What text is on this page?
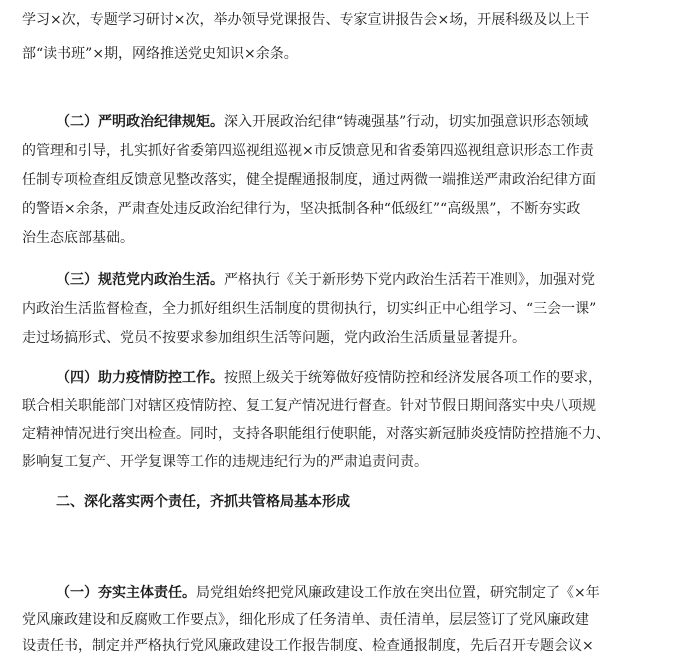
学习×次，专题学习研讨×次，举办领导党课报告、专家宣讲报告会×场，开展科级及以上干
部“读书班”×期，网络推送党史知识×余条。
（二）严明政治纪律规矩。深入开展政治纪律“铸魂强基”行动，切实加强意识形态领域
的管理和引导，扎实抓好省委第四巡视组巡视×市反馈意见和省委第四巡视组意识形态工作责
任制专项检查组反馈意见整改落实，健全提醒通报制度，通过两微一端推送严肃政治纪律方面
的警语×余条，严肃查处违反政治纪律行为，坚决抵制各种“低级红”“高级黑”，不断夯实政
治生态底部基础。
（三）规范党内政治生活。严格执行《关于新形势下党内政治生活若干准则》，加强对党
内政治生活监督检查，全力抓好组织生活制度的贯彻执行，切实纠正中心组学习、“三会一课”
走过场搞形式、党员不按要求参加组织生活等问题，党内政治生活质量显著提升。
（四）助力疫情防控工作。按照上级关于统筹做好疫情防控和经济发展各项工作的要求，
联合相关职能部门对辖区疫情防控、复工复产情况进行督查。针对节假日期间落实中央八项规
定精神情况进行突出检查。同时，支持各职能组行使职能，对落实新冠肺炎疫情防控措施不力、
影响复工复产、开学复课等工作的违规违纪行为的严肃追责问责。
二、深化落实两个责任，齐抓共管格局基本形成
（一）夯实主体责任。局党组始终把党风廉政建设工作放在突出位置，研究制定了《×年
党风廉政建设和反腐败工作要点》，细化形成了任务清单、责任清单，层层签订了党风廉政建
设责任书，制定并严格执行党风廉政建设工作报告制度、检查通报制度，先后召开专题会议×
